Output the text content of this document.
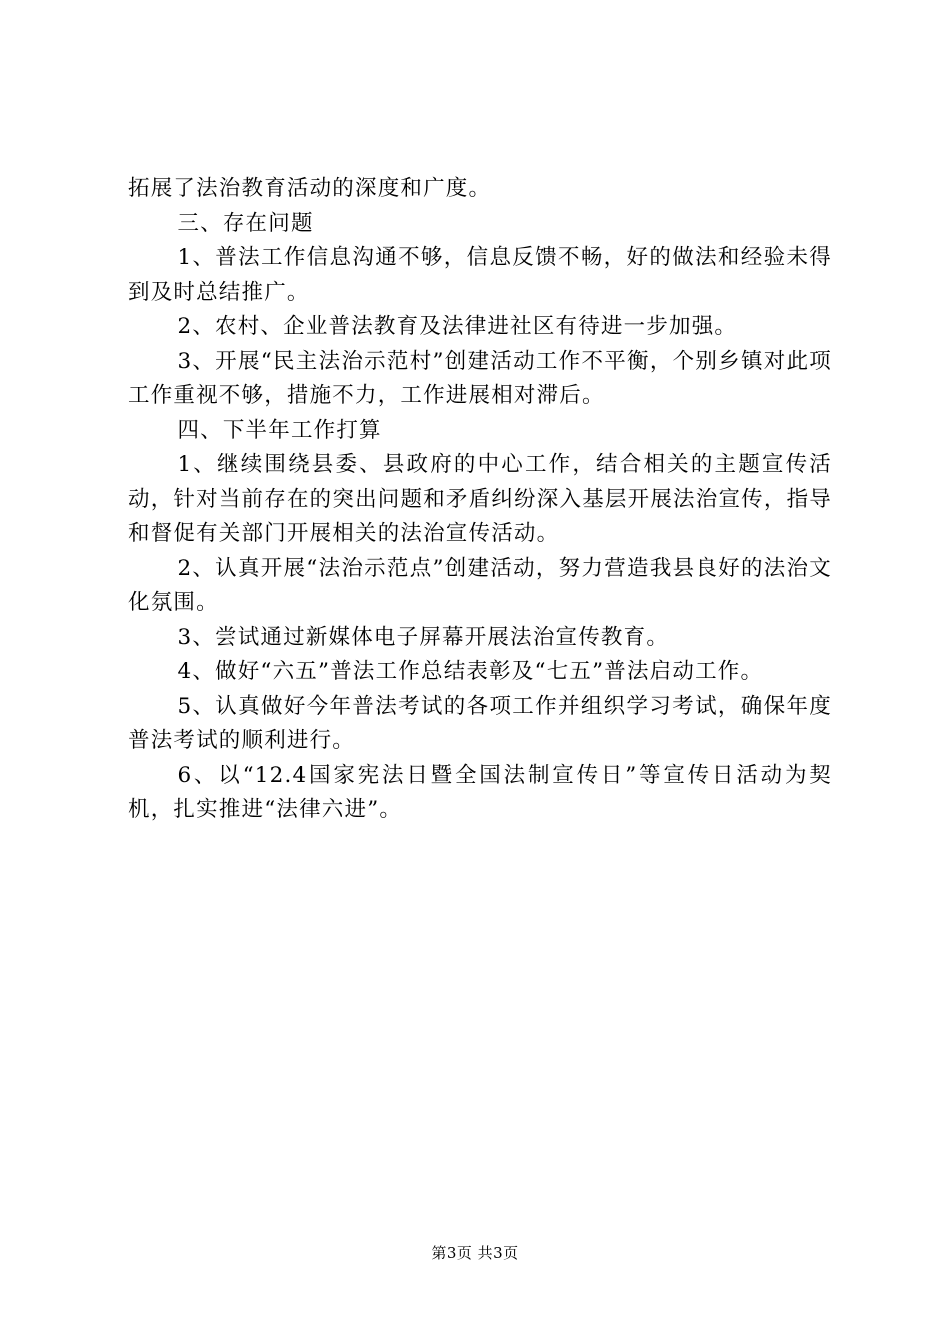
拓展了法治教育活动的深度和广度。

三、存在问题

1、普法工作信息沟通不够，信息反馈不畅，好的做法和经验未得到及时总结推广。

2、农村、企业普法教育及法律进社区有待进一步加强。

3、开展“民主法治示范村”创建活动工作不平衡，个别乡镇对此项工作重视不够，措施不力，工作进展相对滞后。

四、下半年工作打算

1、继续围绕县委、县政府的中心工作，结合相关的主题宣传活动，针对当前存在的突出问题和矛盾纠纷深入基层开展法治宣传，指导和督促有关部门开展相关的法治宣传活动。

2、认真开展“法治示范点”创建活动，努力营造我县良好的法治文化氛围。

3、尝试通过新媒体电子屏幕开展法治宣传教育。

4、做好“六五”普法工作总结表彰及“七五”普法启动工作。

5、认真做好今年普法考试的各项工作并组织学习考试，确保年度普法考试的顺利进行。

6、以“12.4国家宪法日暨全国法制宣传日”等宣传日活动为契机，扎实推进“法律六进”。

第3页 共3页
